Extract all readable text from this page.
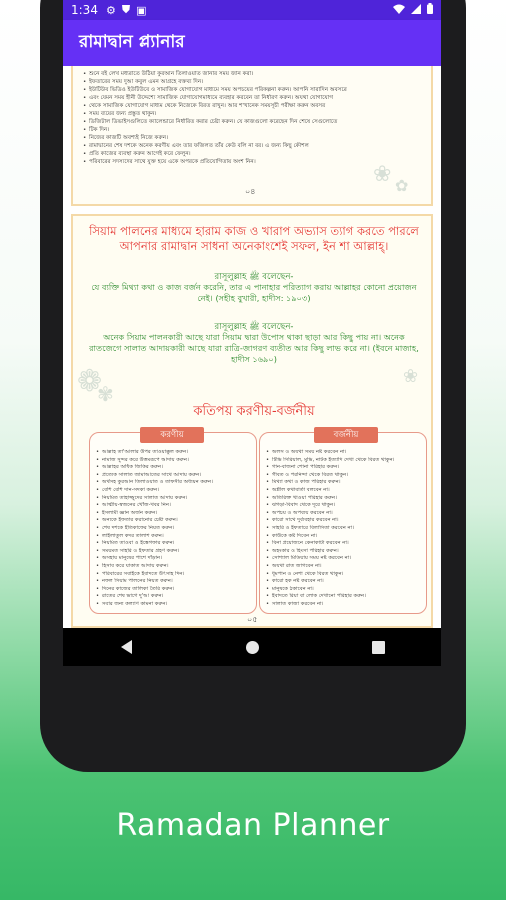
1:34 ⚙ ⛊ ▣
রামাদ্বান প্ল্যানার
• শুনে বই লেখ মধ্যরাতে উঠিয়া কুরআন তিলাওয়াত জানার সময় জান করা।
• ইফতারের সময় দুআ কবুল এমন আগ্রহে বক্তব্য দিন।
• ইউটিউব ভিডিও ইউটিউবে ও সামাজিক যোগাযোগ মাধ্যমে সময় অপচয়ের পরিকল্পনা করুন। আপনি সারাদিন অবসরে
• এবং যেমন সময় হীনী উদ্দেশ্যে সামাজিক যোগাযোগমাধ্যমে ব্যবহার করবেন তা নির্ধারণ করুন। অযথা যোগাযোগ
• থেকে সামাজিক যোগাযোগ মাধ্যম থেকে নিজেকে বিরত রাখুন। আর শ'খানেক সময়সূচী পরীক্ষা করুন অবসর
• সময় ব্যয়ের জন্য প্রস্তুত থাকুন।
• ডিজিটাল ডিভাইসগুলিতে ক্যালেন্ডারে নির্ধারিত করার চেষ্টা করুন। যে কাজগুলো করেছেন দিন শেষে সেগুলোতে
• টিক দিন।
• নিজের কাজটি অবশ্যই নিজে করুন।
• রামাদ্বানের শেষ দশকে অনেক করণীয় এবং তার ফজিলত তাঁর কেউ বলি না বর। এ জন্য কিছু কৌশল
• প্রতি কাজের ব্যবস্থা করুন আগেই করে ফেলুন।
• পরিবারের সদস্যদের সাথে যুক্ত হয়ে একে অপরকে প্রতিযোগিতায় অংশ নিন।
০৪
❀ ✿
সিয়াম পালনের মাধ্যমে হারাম কাজ ও খারাপ অভ্যাস ত্যাগ করতে পারলে আপনার রামাদ্বান সাধনা অনেকাংশেই সফল, ইন শা আল্লাহ্‌।
রাসূলুল্লাহ ﷺ বলেছেন-
যে ব্যক্তি মিথ্যা কথা ও কাজ বর্জন করেনি, তার এ পানাহার পরিত্যাগ করায় আল্লাহর কোনো প্রয়োজন নেই। (সহীহ বুখারী, হাদীস: ১৯০৩)
রাসূলুল্লাহ ﷺ বলেছেন-
অনেক সিয়াম পালনকারী আছে যারা সিয়াম দ্বারা উপোস থাকা ছাড়া আর কিছু পায় না। অনেক রাতজেগে সালাত আদায়কারী আছে যারা রাত্রি-জাগরণ ব্যতীত আর কিছু লাভ করে না। (ইবনে মাজাহ, হাদীস ১৬৯০)
❁
✾
❀
কতিপয় করণীয়-বর্জনীয়
করণীয়
• আল্লাহ তা'আলার উপর তাওয়াক্কুল করুন।
• নামাজ সুন্দর করে উত্তমরূপে আদায় করুন।
• আল্লাহর অধিক জিকির করুন।
• প্রত্যেক সালাত জামাআতের সাথে আদায় করুন।
• অর্থসহ কুরআন তিলাওয়াত ও তাফসীর অধ্যয়ন করুন।
• বেশি বেশি দান-সদকা করুন।
• নিয়মিত তাহাজ্জুদের সালাত আদায় করুন।
• আত্মীয়-স্বজনের খোঁজ-খবর নিন।
• ইসলামী জ্ঞান অর্জন করুন।
• অন্যকে ইফতার করানোর চেষ্টা করুন।
• শেষ দশকে ইতিকাফের নিয়ত করুন।
• লাইলাতুল কদর তালাশ করুন।
• নিয়মিত তাওবা ও ইস্তেগফার করুন।
• সময়মত সাহরি ও ইফতার গ্রহণ করুন।
• অসহায় মানুষের পাশে দাঁড়ান।
• হিসাব করে যাকাত আদায় করুন।
• পরিবারের সবাইকে ইবাদতে উৎসাহ দিন।
• নফল সিয়াম পালনের নিয়ত করুন।
• দিনের কাজের তালিকা তৈরি করুন।
• রাতের শেষ ভাগে দু'আ করুন।
• সবার জন্য কল্যাণ কামনা করুন।
বর্জনীয়
• অলস ও অযথা সময় নষ্ট করবেন না।
• টিভি সিরিয়াল, মুভি, নাটক ইত্যাদি দেখা থেকে বিরত থাকুন।
• গান-বাজনা শোনা পরিহার করুন।
• গীবত ও পরনিন্দা থেকে বিরত থাকুন।
• মিথ্যা কথা ও কাজ পরিহার করুন।
• অশ্লীল কথাবার্তা বলবেন না।
• অতিরিক্ত খাওয়া পরিহার করুন।
• ঝগড়া-বিবাদ থেকে দূরে থাকুন।
• অপচয় ও অপব্যয় করবেন না।
• কারো সাথে দুর্ব্যবহার করবেন না।
• সাহরি ও ইফতারে বিলাসিতা করবেন না।
• কাউকে কষ্ট দিবেন না।
• বিনা প্রয়োজনে কেনাকাটা করবেন না।
• অহংকার ও হিংসা পরিহার করুন।
• সোশ্যাল মিডিয়ায় সময় নষ্ট করবেন না।
• অযথা রাত জাগবেন না।
• ধূমপান ও নেশা থেকে বিরত থাকুন।
• কারো হক নষ্ট করবেন না।
• মানুষকে ঠকাবেন না।
• ইবাদতে রিয়া বা লোক দেখানো পরিহার করুন।
• সালাত কাজা করবেন না।
০৫
Ramadan Planner
